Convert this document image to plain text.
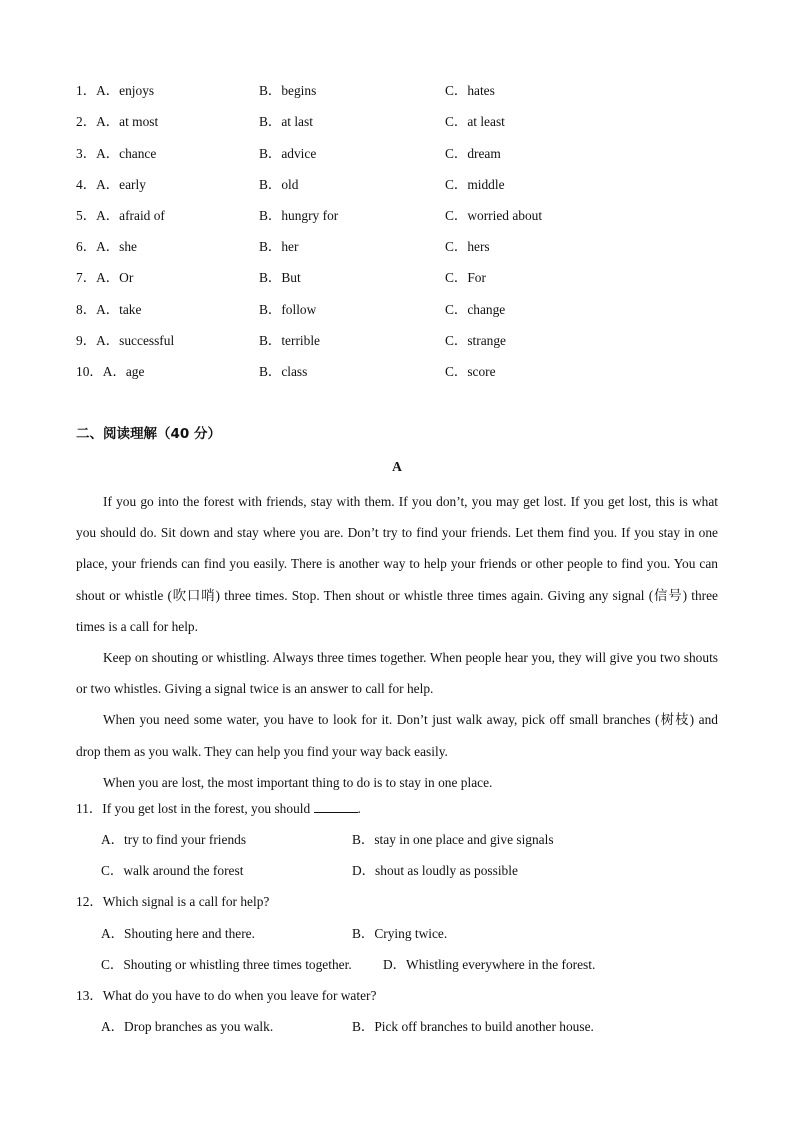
1．A．enjoys	B．begins	C．hates
2．A．at most	B．at last	C．at least
3．A．chance	B．advice	C．dream
4．A．early	B．old	C．middle
5．A．afraid of	B．hungry for	C．worried about
6．A．she	B．her	C．hers
7．A．Or	B．But	C．For
8．A．take	B．follow	C．change
9．A．successful	B．terrible	C．strange
10．A．age	B．class	C．score
二、阅读理解（40 分）
A

If you go into the forest with friends, stay with them. If you don’t, you may get lost. If you get lost, this is what you should do. Sit down and stay where you are. Don’t try to find your friends. Let them find you. If you stay in one place, your friends can find you easily. There is another way to help your friends or other people to find you. You can shout or whistle (吹口哨) three times. Stop. Then shout or whistle three times again. Giving any signal (信号) three times is a call for help.

Keep on shouting or whistling. Always three times together. When people hear you, they will give you two shouts or two whistles. Giving a signal twice is an answer to call for help.

When you need some water, you have to look for it. Don’t just walk away, pick off small branches (树枝) and drop them as you walk. They can help you find your way back easily.

When you are lost, the most important thing to do is to stay in one place.

11．If you get lost in the forest, you should	.
A．try to find your friends	B．stay in one place and give signals
C．walk around the forest	D．shout as loudly as possible
12．Which signal is a call for help?
A．Shouting here and there.	B．Crying twice.
C．Shouting or whistling three times together. D．Whistling everywhere in the forest.
13．What do you have to do when you leave for water?
A．Drop branches as you walk.	B．Pick off branches to build another house.
